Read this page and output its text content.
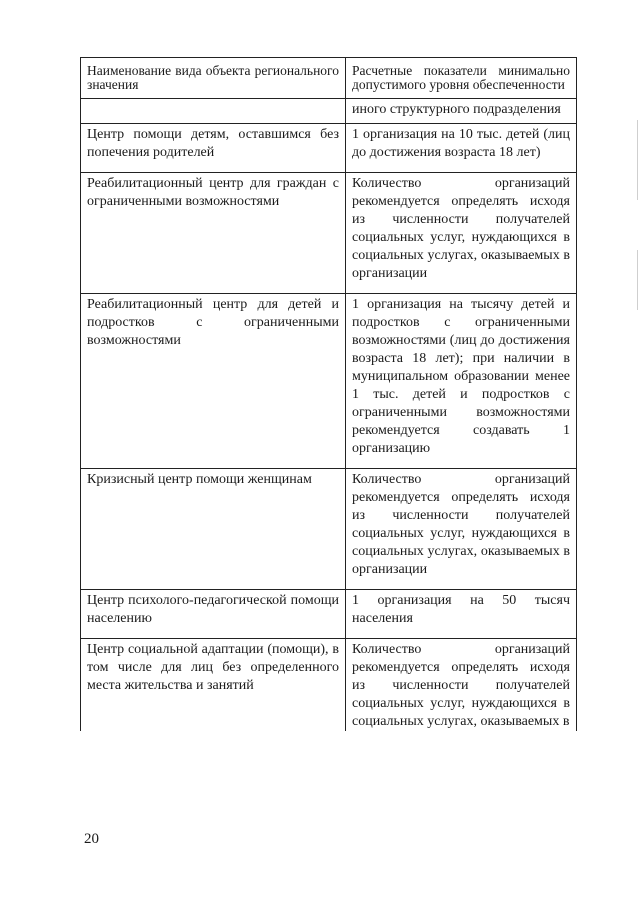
Наименование вида объекта регионального значения	Расчетные показатели минимально допустимого уровня обеспеченности
	иного структурного подразделения
Центр помощи детям, оставшимся без попечения родителей	1 организация на 10 тыс. детей (лиц до достижения возраста 18 лет)
Реабилитационный центр для граждан с ограниченными возможностями	Количество организаций рекомендуется определять исходя из численности получателей социальных услуг, нуждающихся в социальных услугах, оказываемых в организации
Реабилитационный центр для детей и подростков с ограниченными возможностями	1 организация на тысячу детей и подростков с ограниченными возможностями (лиц до достижения возраста 18 лет); при наличии в муниципальном образовании менее 1 тыс. детей и подростков с ограниченными возможностями рекомендуется создавать 1 организацию
Кризисный центр помощи женщинам	Количество организаций рекомендуется определять исходя из численности получателей социальных услуг, нуждающихся в социальных услугах, оказываемых в организации
Центр психолого-педагогической помощи населению	1 организация на 50 тысяч населения
Центр социальной адаптации (помощи), в том числе для лиц без определенного места жительства и занятий	Количество организаций рекомендуется определять исходя из численности получателей социальных услуг, нуждающихся в социальных услугах, оказываемых в
20
